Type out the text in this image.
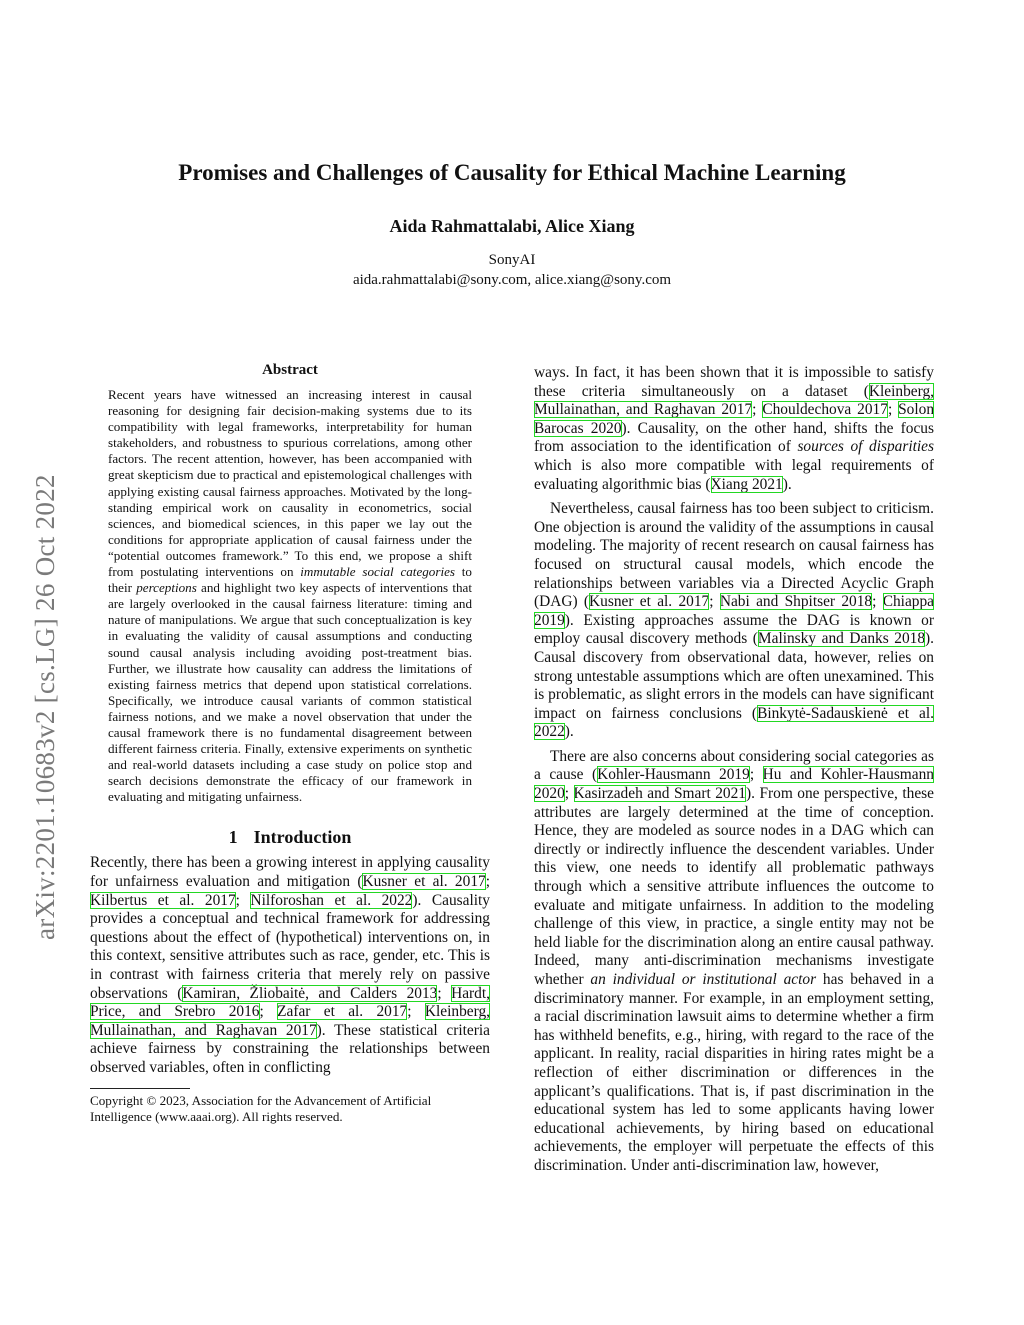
arXiv:2201.10683v2 [cs.LG] 26 Oct 2022
Promises and Challenges of Causality for Ethical Machine Learning
Aida Rahmattalabi, Alice Xiang
SonyAI
aida.rahmattalabi@sony.com, alice.xiang@sony.com
Abstract
Recent years have witnessed an increasing interest in causal reasoning for designing fair decision-making systems due to its compatibility with legal frameworks, interpretability for human stakeholders, and robustness to spurious correlations, among other factors. The recent attention, however, has been accompanied with great skepticism due to practical and epistemological challenges with applying existing causal fairness approaches. Motivated by the long-standing empirical work on causality in econometrics, social sciences, and biomedical sciences, in this paper we lay out the conditions for appropriate application of causal fairness under the “potential outcomes framework.” To this end, we propose a shift from postulating interventions on immutable social categories to their perceptions and highlight two key aspects of interventions that are largely overlooked in the causal fairness literature: timing and nature of manipulations. We argue that such conceptualization is key in evaluating the validity of causal assumptions and conducting sound causal analysis including avoiding post-treatment bias. Further, we illustrate how causality can address the limitations of existing fairness metrics that depend upon statistical correlations. Specifically, we introduce causal variants of common statistical fairness notions, and we make a novel observation that under the causal framework there is no fundamental disagreement between different fairness criteria. Finally, extensive experiments on synthetic and real-world datasets including a case study on police stop and search decisions demonstrate the efficacy of our framework in evaluating and mitigating unfairness.
1 Introduction

Recently, there has been a growing interest in applying causality for unfairness evaluation and mitigation (Kusner et al. 2017; Kilbertus et al. 2017; Nilforoshan et al. 2022). Causality provides a conceptual and technical framework for addressing questions about the effect of (hypothetical) interventions on, in this context, sensitive attributes such as race, gender, etc. This is in contrast with fairness criteria that merely rely on passive observations (Kamiran, Žliobaitė, and Calders 2013; Hardt, Price, and Srebro 2016; Zafar et al. 2017; Kleinberg, Mullainathan, and Raghavan 2017). These statistical criteria achieve fairness by constraining the relationships between observed variables, often in conflicting

Copyright © 2023, Association for the Advancement of Artificial Intelligence (www.aaai.org). All rights reserved.

ways. In fact, it has been shown that it is impossible to satisfy these criteria simultaneously on a dataset (Kleinberg, Mullainathan, and Raghavan 2017; Chouldechova 2017; Solon Barocas 2020). Causality, on the other hand, shifts the focus from association to the identification of sources of disparities which is also more compatible with legal requirements of evaluating algorithmic bias (Xiang 2021).

Nevertheless, causal fairness has too been subject to criticism. One objection is around the validity of the assumptions in causal modeling. The majority of recent research on causal fairness has focused on structural causal models, which encode the relationships between variables via a Directed Acyclic Graph (DAG) (Kusner et al. 2017; Nabi and Shpitser 2018; Chiappa 2019). Existing approaches assume the DAG is known or employ causal discovery methods (Malinsky and Danks 2018). Causal discovery from observational data, however, relies on strong untestable assumptions which are often unexamined. This is problematic, as slight errors in the models can have significant impact on fairness conclusions (Binkytė-Sadauskienė et al. 2022).

There are also concerns about considering social categories as a cause (Kohler-Hausmann 2019; Hu and Kohler-Hausmann 2020; Kasirzadeh and Smart 2021). From one perspective, these attributes are largely determined at the time of conception. Hence, they are modeled as source nodes in a DAG which can directly or indirectly influence the descendent variables. Under this view, one needs to identify all problematic pathways through which a sensitive attribute influences the outcome to evaluate and mitigate unfairness. In addition to the modeling challenge of this view, in practice, a single entity may not be held liable for the discrimination along an entire causal pathway. Indeed, many anti-discrimination mechanisms investigate whether an individual or institutional actor has behaved in a discriminatory manner. For example, in an employment setting, a racial discrimination lawsuit aims to determine whether a firm has withheld benefits, e.g., hiring, with regard to the race of the applicant. In reality, racial disparities in hiring rates might be a reflection of either discrimination or differences in the applicant’s qualifications. That is, if past discrimination in the educational system has led to some applicants having lower educational achievements, by hiring based on educational achievements, the employer will perpetuate the effects of this discrimination. Under anti-discrimination law, however,
